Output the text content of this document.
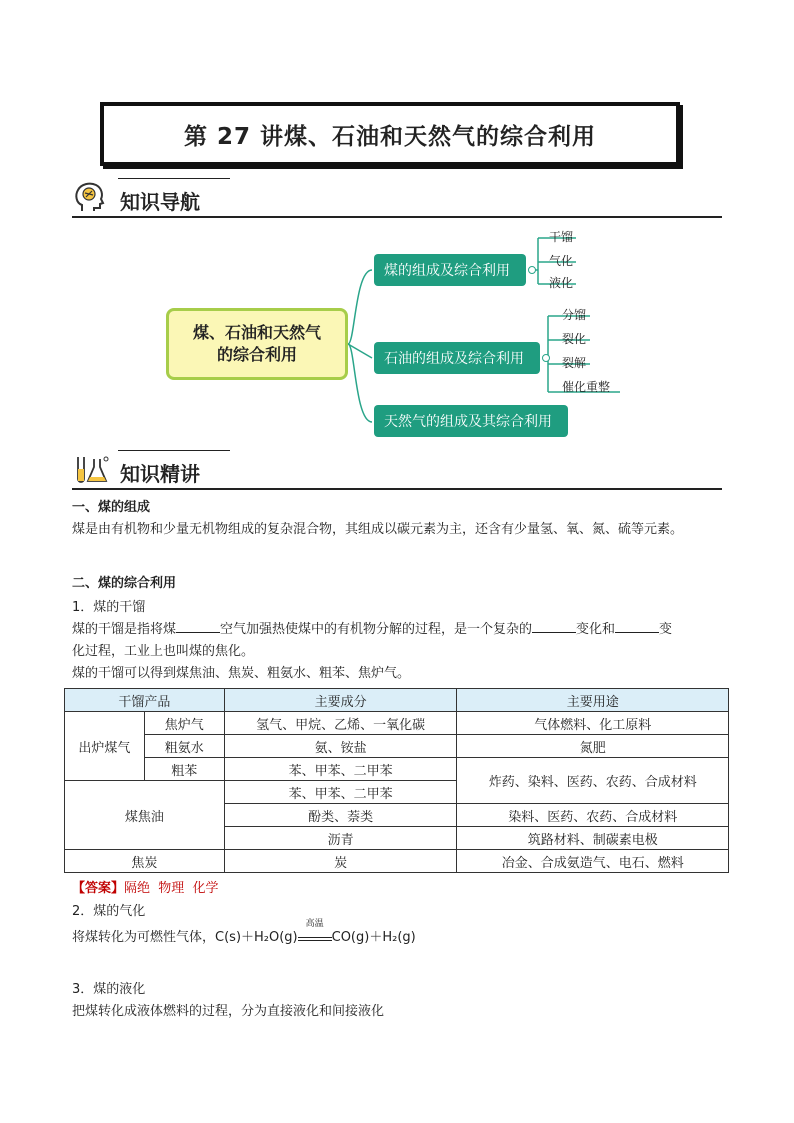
第 27 讲煤、石油和天然气的综合利用
知识导航
煤、石油和天然气
的综合利用
煤的组成及综合利用
干馏
气化
液化
石油的组成及综合利用
分馏
裂化
裂解
催化重整
天然气的组成及其综合利用
知识精讲
一、煤的组成
煤是由有机物和少量无机物组成的复杂混合物，其组成以碳元素为主，还含有少量氢、氧、氮、硫等元素。
二、煤的综合利用
1．煤的干馏
煤的干馏是指将煤	空气加强热使煤中的有机物分解的过程，是一个复杂的	变化和	变
化过程，工业上也叫煤的焦化。
煤的干馏可以得到煤焦油、焦炭、粗氨水、粗苯、焦炉气。
干馏产品		主要成分	主要用途
出炉煤气	焦炉气	氢气、甲烷、乙烯、一氧化碳	气体燃料、化工原料
	粗氨水	氨、铵盐	氮肥
	粗苯	苯、甲苯、二甲苯	炸药、染料、医药、农药、合成材料
煤焦油		苯、甲苯、二甲苯	
		酚类、萘类	染料、医药、农药、合成材料
		沥青	筑路材料、制碳素电极
焦炭		炭	冶金、合成氨造气、电石、燃料
【答案】隔绝  物理  化学
2．煤的气化
将煤转化为可燃性气体，C(s)＋H₂O(g)
高温
CO(g)＋H₂(g)
3．煤的液化
把煤转化成液体燃料的过程，分为直接液化和间接液化
